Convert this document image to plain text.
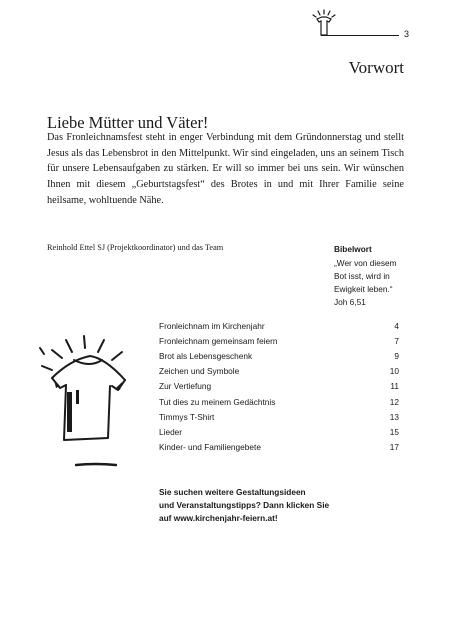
3
Vorwort
Liebe Mütter und Väter!

Das Fronleichnamsfest steht in enger Verbindung mit dem Gründonnerstag und stellt Jesus als das Lebensbrot in den Mittelpunkt. Wir sind eingeladen, uns an seinem Tisch für unsere Lebensaufgaben zu stärken. Er will so immer bei uns sein. Wir wünschen Ihnen mit diesem „Geburtstagsfest“ des Brotes in und mit Ihrer Familie seine heilsame, wohltuende Nähe.

Reinhold Ettel SJ (Projektkoordinator) und das Team	Bibelwort
„Wer von diesem
Bot isst, wird in
Ewigkeit leben.“
Joh 6,51
Fronleichnam im Kirchenjahr	4
Fronleichnam gemeinsam feiern	7
Brot als Lebensgeschenk	9
Zeichen und Symbole	10
Zur Vertiefung	11
Tut dies zu meinem Gedächtnis	12
Timmys T-Shirt	13
Lieder	15
Kinder- und Familiengebete	17
Sie suchen weitere Gestaltungsideen
und Veranstaltungstipps? Dann klicken Sie
auf www.kirchenjahr-feiern.at!
